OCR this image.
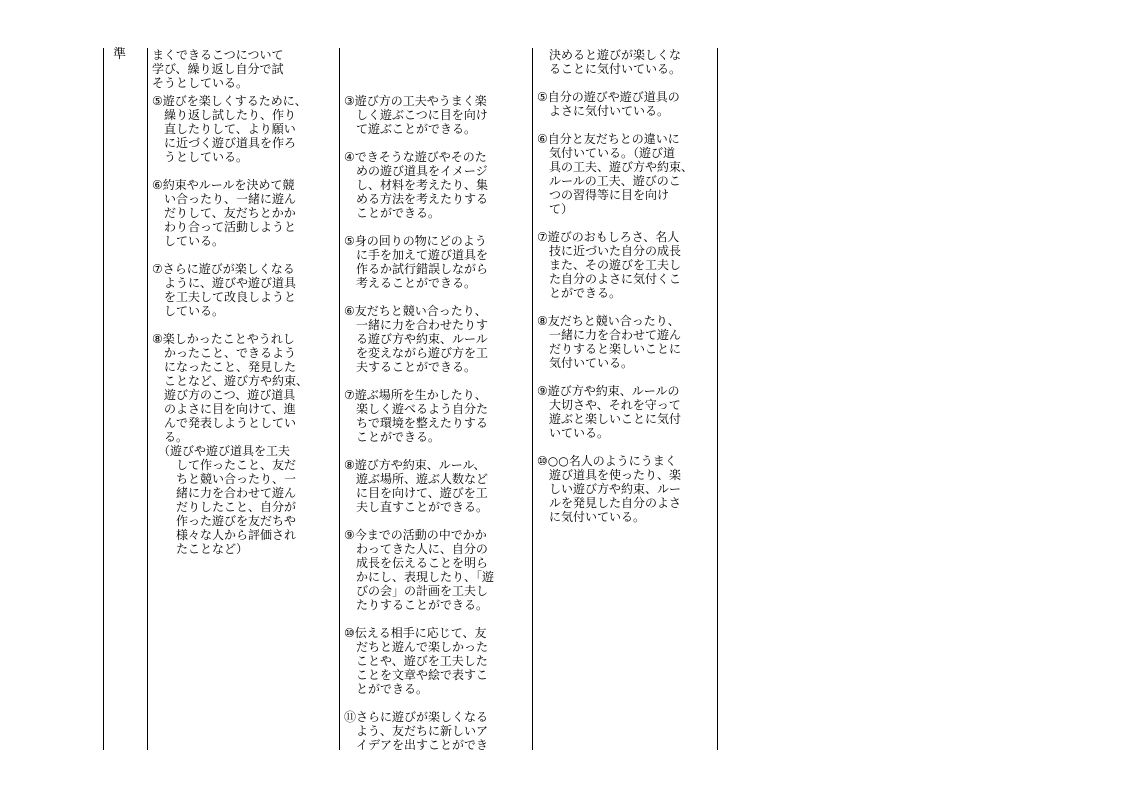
準 まくできるこつについて
学び、繰り返し自分で試
そうとしている。
⑤遊びを楽しくするために、
　繰り返し試したり、作り
　直したりして、より願い
　に近づく遊び道具を作ろ
　うとしている。
⑥約束やルールを決めて競
　い合ったり、一緒に遊ん
　だりして、友だちとかか
　わり合って活動しようと
　している。
⑦さらに遊びが楽しくなる
　ように、遊びや遊び道具
　を工夫して改良しようと
　している。
⑧楽しかったことやうれし
　かったこと、できるよう
　になったこと、発見した
　ことなど、遊び方や約束、
　遊び方のこつ、遊び道具
　のよさに目を向けて、進
　んで発表しようとしてい
　る。
　（遊びや遊び道具を工夫
　　して作ったこと、友だ
　　ちと競い合ったり、一
　　緒に力を合わせて遊ん
　　だりしたこと、自分が
　　作った遊びを友だちや
　　様々な人から評価され
　　たことなど）
③遊び方の工夫やうまく楽
　しく遊ぶこつに目を向け
　て遊ぶことができる。
④できそうな遊びやそのた
　めの遊び道具をイメージ
　し、材料を考えたり、集
　める方法を考えたりする
　ことができる。
⑤身の回りの物にどのよう
　に手を加えて遊び道具を
　作るか試行錯誤しながら
　考えることができる。
⑥友だちと競い合ったり、
　一緒に力を合わせたりす
　る遊び方や約束、ルール
　を変えながら遊び方を工
　夫することができる。
⑦遊ぶ場所を生かしたり、
　楽しく遊べるよう自分た
　ちで環境を整えたりする
　ことができる。
⑧遊び方や約束、ルール、
　遊ぶ場所、遊ぶ人数など
　に目を向けて、遊びを工
　夫し直すことができる。
⑨今までの活動の中でかか
　わってきた人に、自分の
　成長を伝えることを明ら
　かにし、表現したり、「遊
　びの会」の計画を工夫し
　たりすることができる。
⑩伝える相手に応じて、友
　だちと遊んで楽しかった
　ことや、遊びを工夫した
　ことを文章や絵で表すこ
　とができる。
⑪さらに遊びが楽しくなる
　よう、友だちに新しいア
　イデアを出すことができ
　決めると遊びが楽しくな
　ることに気付いている。
⑤自分の遊びや遊び道具の
　よさに気付いている。
⑥自分と友だちとの違いに
　気付いている。（遊び道
　具の工夫、遊び方や約束、
　ルールの工夫、遊びのこ
　つの習得等に目を向け
　て）
⑦遊びのおもしろさ、名人
　技に近づいた自分の成長
　また、その遊びを工夫し
　た自分のよさに気付くこ
　とができる。
⑧友だちと競い合ったり、
　一緒に力を合わせて遊ん
　だりすると楽しいことに
　気付いている。
⑨遊び方や約束、ルールの
　大切さや、それを守って
　遊ぶと楽しいことに気付
　いている。
⑩○○名人のようにうまく
　遊び道具を使ったり、楽
　しい遊び方や約束、ルー
　ルを発見した自分のよさ
　に気付いている。
